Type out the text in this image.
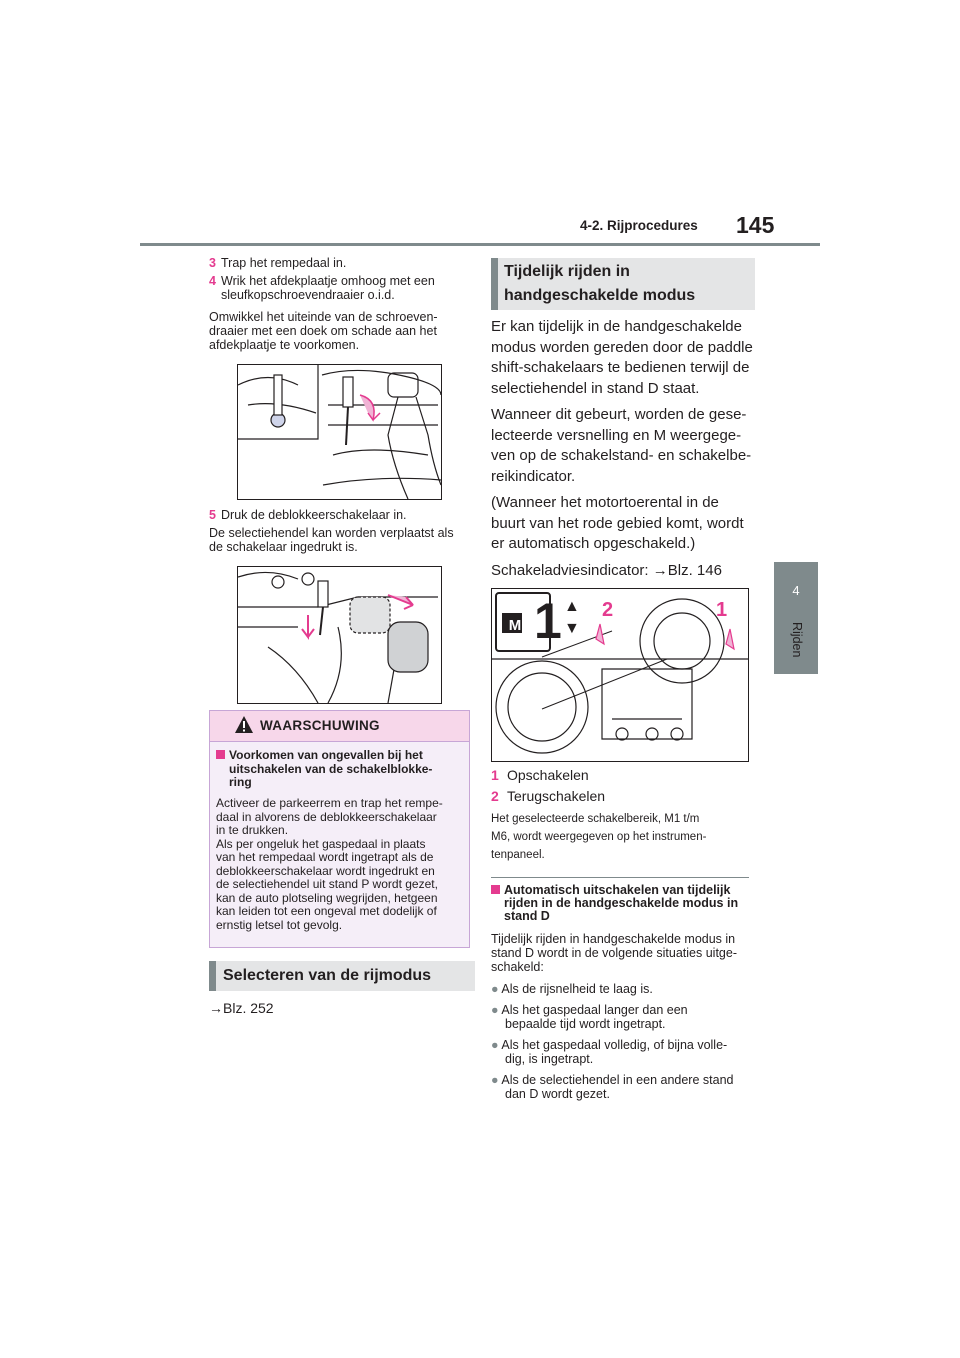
4-2. Rijprocedures 145
4
Rijden
3 Trap het rempedaal in.
4 Wrik het afdekplaatje omhoog met een
sleufkopschroevendraaier o.i.d.
Omwikkel het uiteinde van de schroeven-
draaier met een doek om schade aan het
afdekplaatje te voorkomen.
5 Druk de deblokkeerschakelaar in.
De selectiehendel kan worden verplaatst als
de schakelaar ingedrukt is.
WAARSCHUWING
Voorkomen van ongevallen bij het
uitschakelen van de schakelblokke-
ring
Activeer de parkeerrem en trap het rempe-
daal in alvorens de deblokkeerschakelaar
in te drukken.
Als per ongeluk het gaspedaal in plaats
van het rempedaal wordt ingetrapt als de
deblokkeerschakelaar wordt ingedrukt en
de selectiehendel uit stand P wordt gezet,
kan de auto plotseling wegrijden, hetgeen
kan leiden tot een ongeval met dodelijk of
ernstig letsel tot gevolg.
Selecteren van de rijmodus
→Blz. 252
Tijdelijk rijden in
handgeschakelde modus
Er kan tijdelijk in de handgeschakelde
modus worden gereden door de paddle
shift-schakelaars te bedienen terwijl de
selectiehendel in stand D staat.
Wanneer dit gebeurt, worden de gese-
lecteerde versnelling en M weergege-
ven op de schakelstand- en schakelbe-
reikindicator.
(Wanneer het motortoerental in de
buurt van het rode gebied komt, wordt
er automatisch opgeschakeld.)
Schakeladviesindicator: →Blz. 146
M 1 ▲
▼
2	1
1 Opschakelen
2 Terugschakelen
Het geselecteerde schakelbereik, M1 t/m
M6, wordt weergegeven op het instrumen-
tenpaneel.
Automatisch uitschakelen van tijdelijk
rijden in de handgeschakelde modus in
stand D
Tijdelijk rijden in handgeschakelde modus in
stand D wordt in de volgende situaties uitge-
schakeld:
● Als de rijsnelheid te laag is.
● Als het gaspedaal langer dan een
bepaalde tijd wordt ingetrapt.
● Als het gaspedaal volledig, of bijna volle-
dig, is ingetrapt.
● Als de selectiehendel in een andere stand
dan D wordt gezet.
